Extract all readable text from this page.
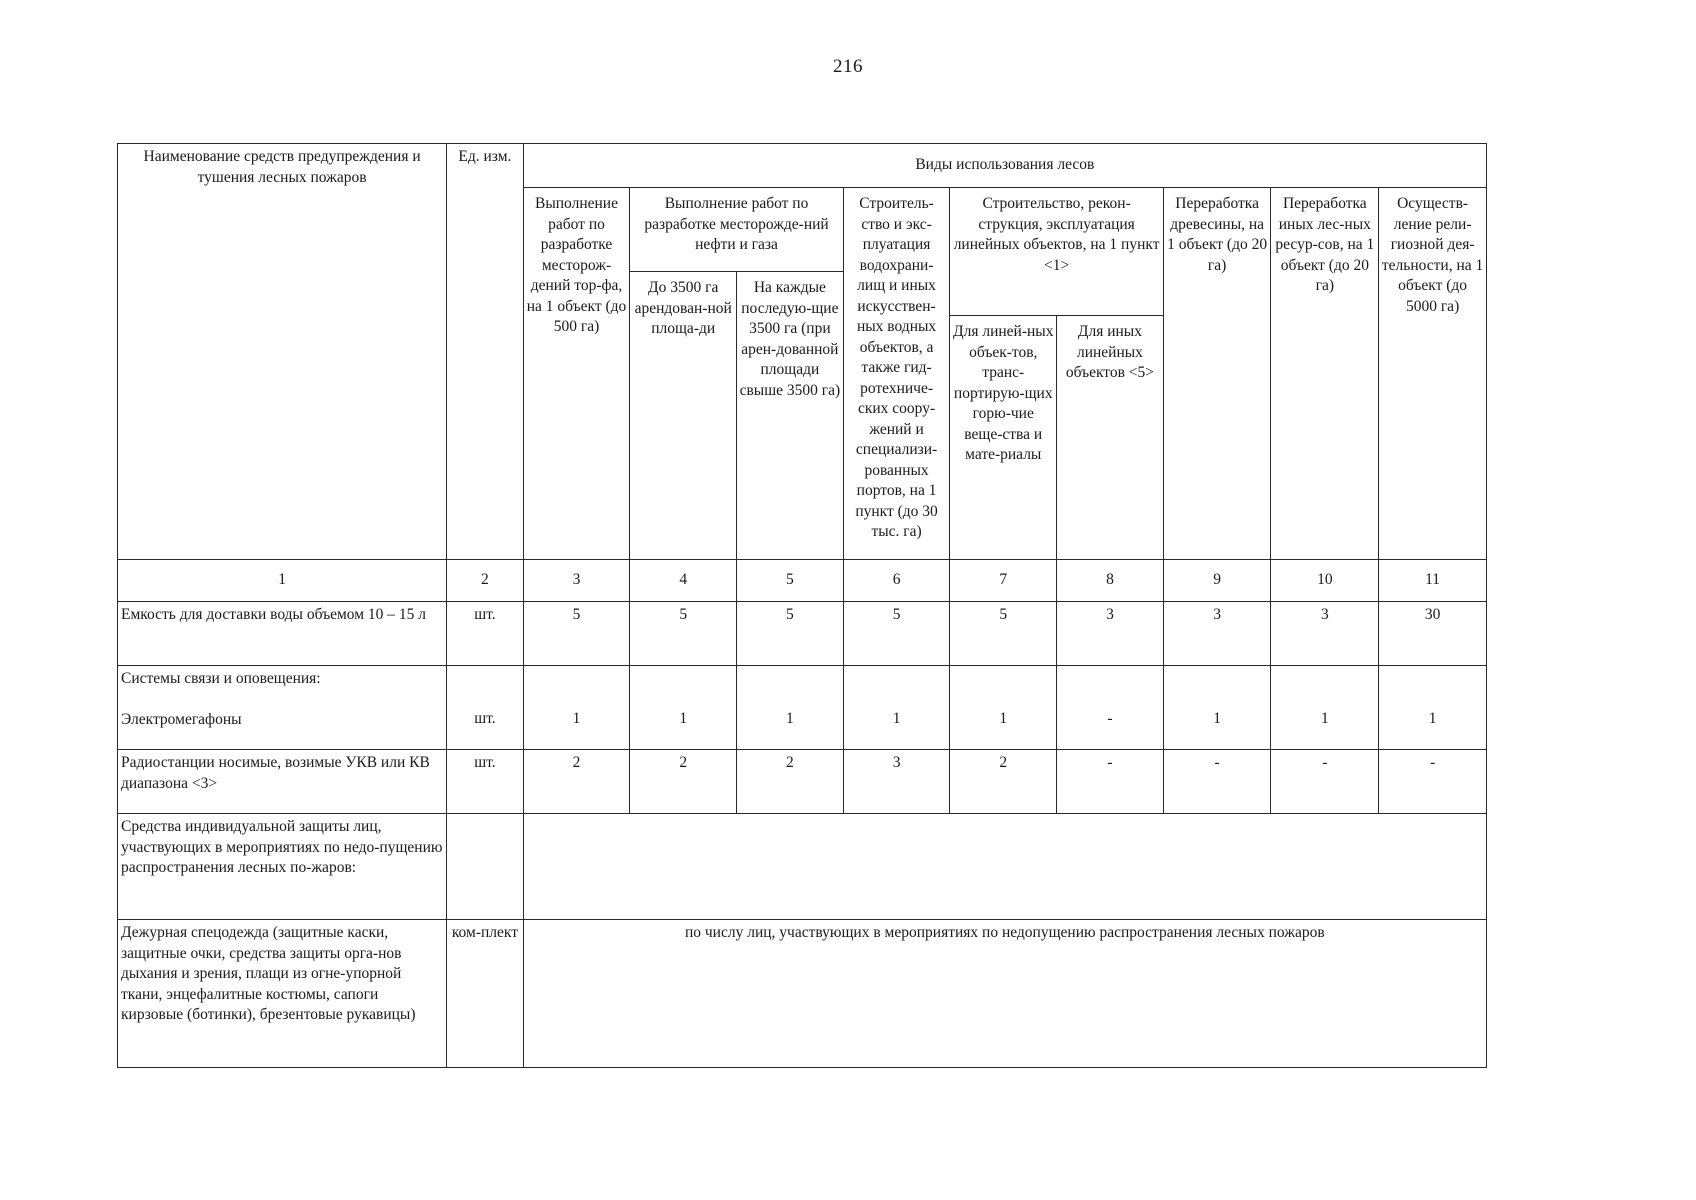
216
Наименование средств предупреждения и тушения лесных пожаров	Ед. изм.	Виды использования лесов								
		Выполнение работ по разработке месторож-дений тор-фа, на 1 объект (до 500 га)	Выполнение работ по разработке месторожде-ний нефти и газа		Строитель-ство и экс-плуатация водохрани-лищ и иных искусствен-ных водных объектов, а также гид-ротехниче-ских соору-жений и специализи-рованных портов, на 1 пункт (до 30 тыс. га)	Строительство, рекон-струкция, эксплуатация линейных объектов, на 1 пункт <1>		Переработка древесины, на 1 объект (до 20 га)	Переработка иных лес-ных ресур-сов, на 1 объект (до 20 га)	Осуществ-ление рели-гиозной дея-тельности, на 1 объект (до 5000 га)
			До 3500 га арендован-ной площа-ди	На каждые последую-щие 3500 га (при арен-дованной площади свыше 3500 га)						
						Для линей-ных объек-тов, транс-портирую-щих горю-чие веще-ства и мате-риалы	Для иных линейных объектов <5>			
1	2	3	4	5	6	7	8	9	10	11
Емкость для доставки воды объемом 10 – 15 л	шт.	5	5	5	5	5	3	3	3	30
Системы связи и оповещения:
Электромегафоны	шт.	1	1	1	1	1	-	1	1	1
Радиостанции носимые, возимые УКВ или КВ диапазона <3>	шт.	2	2	2	3	2	-	-	-	-
Средства индивидуальной защиты лиц, участвующих в мероприятиях по недо-пущению распространения лесных по-жаров:										
Дежурная спецодежда (защитные каски, защитные очки, средства защиты орга-нов дыхания и зрения, плащи из огне-упорной ткани, энцефалитные костюмы, сапоги кирзовые (ботинки), брезентовые рукавицы)	ком-плект	по числу лиц, участвующих в мероприятиях по недопущению распространения лесных пожаров								
